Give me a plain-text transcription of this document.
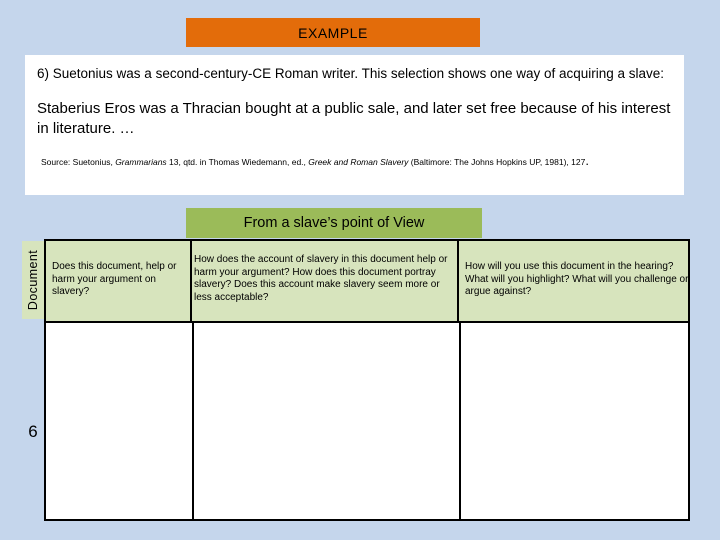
EXAMPLE

6) Suetonius was a second-century-CE Roman writer. This selection shows one way of acquiring a slave:

Staberius Eros was a Thracian bought at a public sale, and later set free because of his interest in literature. …

Source: Suetonius, Grammarians 13, qtd. in Thomas Wiedemann, ed., Greek and Roman Slavery (Baltimore: The Johns Hopkins UP, 1981), 127.

From a slave’s point of View
Document
6
Does this document, help or harm your argument on slavery?
How does the account of slavery in this document help or harm your argument? How does this document portray slavery? Does this account make slavery seem more or less acceptable?
How will you use this document in the hearing? What will you highlight? What will you challenge or argue against?
